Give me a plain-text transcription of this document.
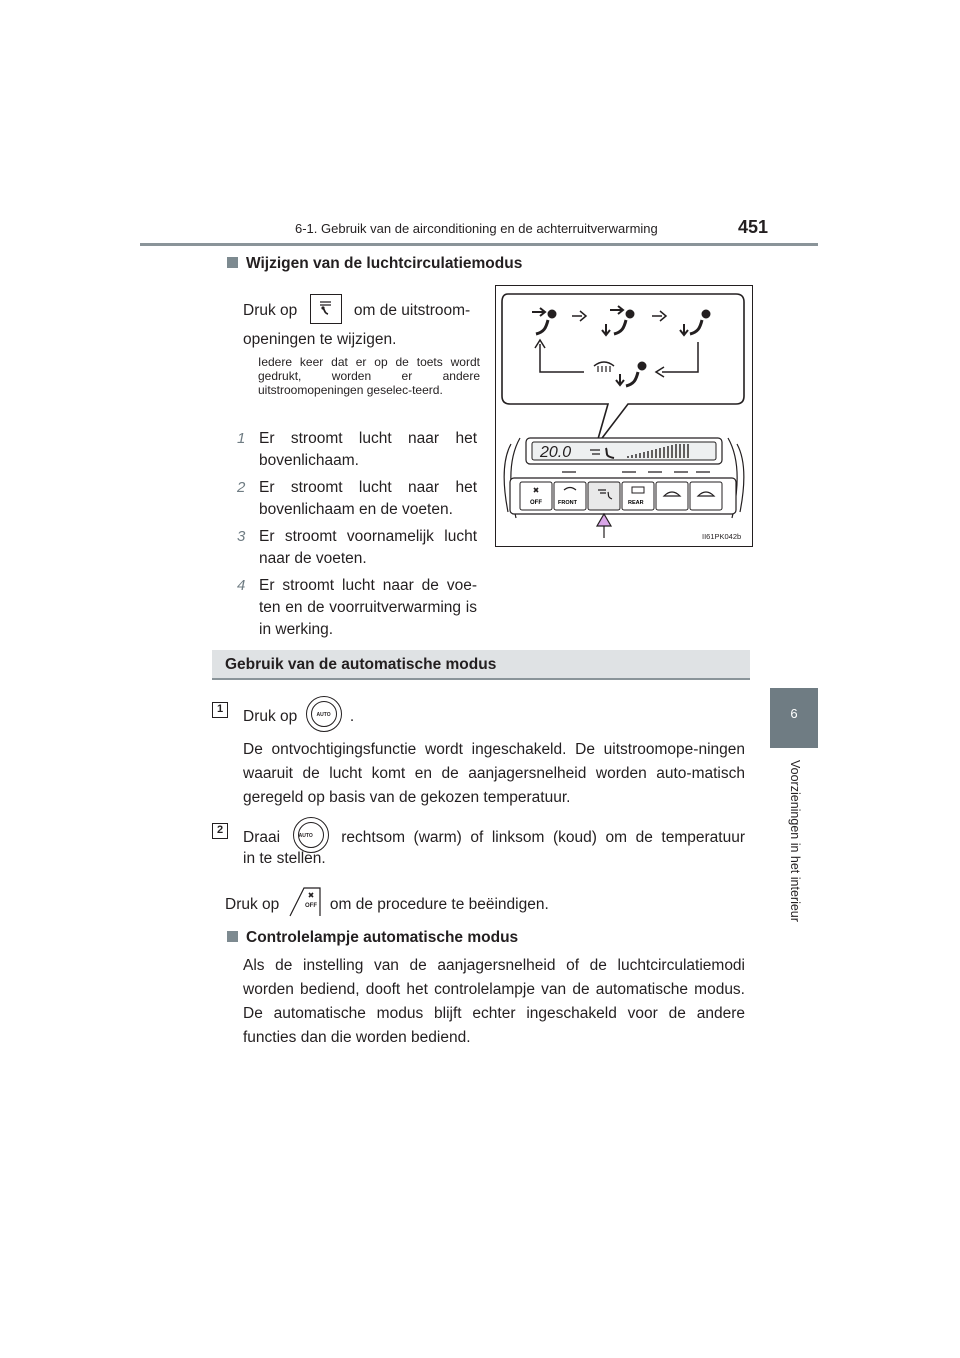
6-1. Gebruik van de airconditioning en de achterruitverwarming	451
6
Voorzieningen in het interieur
Wijzigen van de luchtcirculatiemodus
Druk op	om de uitstroom-
openingen te wijzigen.
Iedere keer dat er op de toets wordt gedrukt, worden er andere uitstroomopeningen geselec-teerd.
1 Er stroomt lucht naar het bovenlichaam.
2 Er stroomt lucht naar het bovenlichaam en de voeten.
3 Er stroomt voornamelijk lucht naar de voeten.
4 Er stroomt lucht naar de voe-ten en de voorruitverwarming is in werking.
20.0
OFF	FRONT	REAR
II61PK042b
Gebruik van de automatische modus
1	Druk op	AUTO	.
De ontvochtigingsfunctie wordt ingeschakeld. De uitstroomope-ningen waaruit de lucht komt en de aanjagersnelheid worden auto-matisch geregeld op basis van de gekozen temperatuur.
2	Draai	AUTO	rechtsom (warm) of linksom (koud) om de temperatuur
in te stellen.
Druk op	OFF om de procedure te beëindigen.
Controlelampje automatische modus
Als de instelling van de aanjagersnelheid of de luchtcirculatiemodi worden bediend, dooft het controlelampje van de automatische modus. De automatische modus blijft echter ingeschakeld voor de andere functies dan die worden bediend.
